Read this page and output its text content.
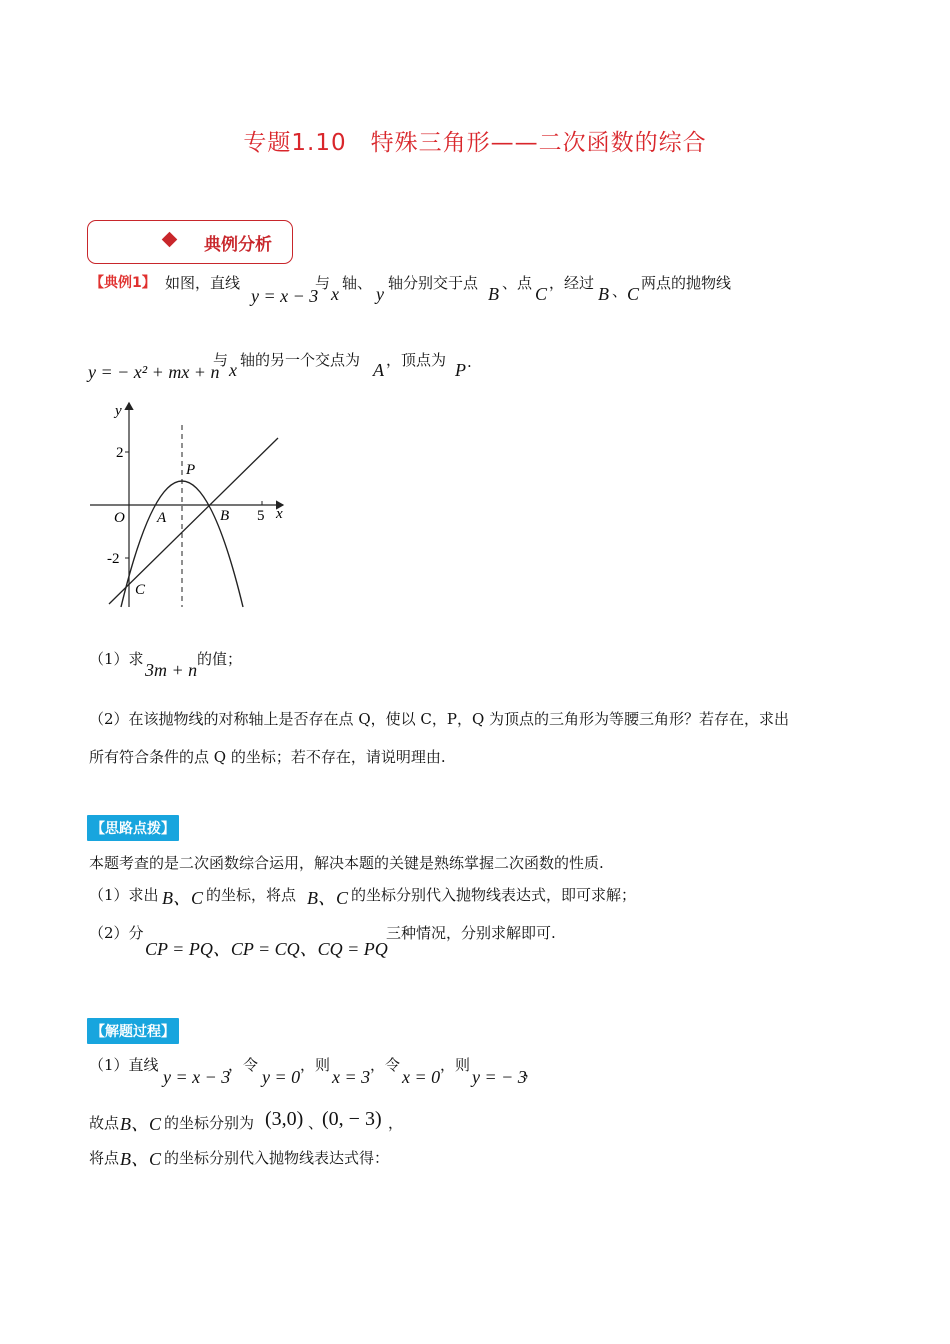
专题1.10　特殊三角形——二次函数的综合
典例分析
【典例1】 如图，直线
y = x − 3
与
x
轴、
y
轴分别交于点
B
、点
C
，经过
B 、 C
两点的抛物线
y = − x² + mx + n
与 x 轴的另一个交点为 A ，顶点为 P .
y
x
O A	B
P
C
2
5
-2
（1）求
3m + n
的值；
（2）在该抛物线的对称轴上是否存在点 Q，使以 C，P，Q 为顶点的三角形为等腰三角形？若存在，求出
所有符合条件的点 Q 的坐标；若不存在，请说明理由.
【思路点拨】
本题考查的是二次函数综合运用，解决本题的关键是熟练掌握二次函数的性质.
（1）求出 B、C 的坐标，将点 B、C 的坐标分别代入抛物线表达式，即可求解；
（2）分
CP = PQ、CP = CQ、CQ = PQ
三种情况，分别求解即可.
【解题过程】
（1）直线
y = x − 3
，令
y = 0
，则
x = 3
，令
x = 0
，则
y = − 3
，
故点 B、C 的坐标分别为 (3,0) 、
(0, − 3) ，
将点 B、C 的坐标分别代入抛物线表达式得：
